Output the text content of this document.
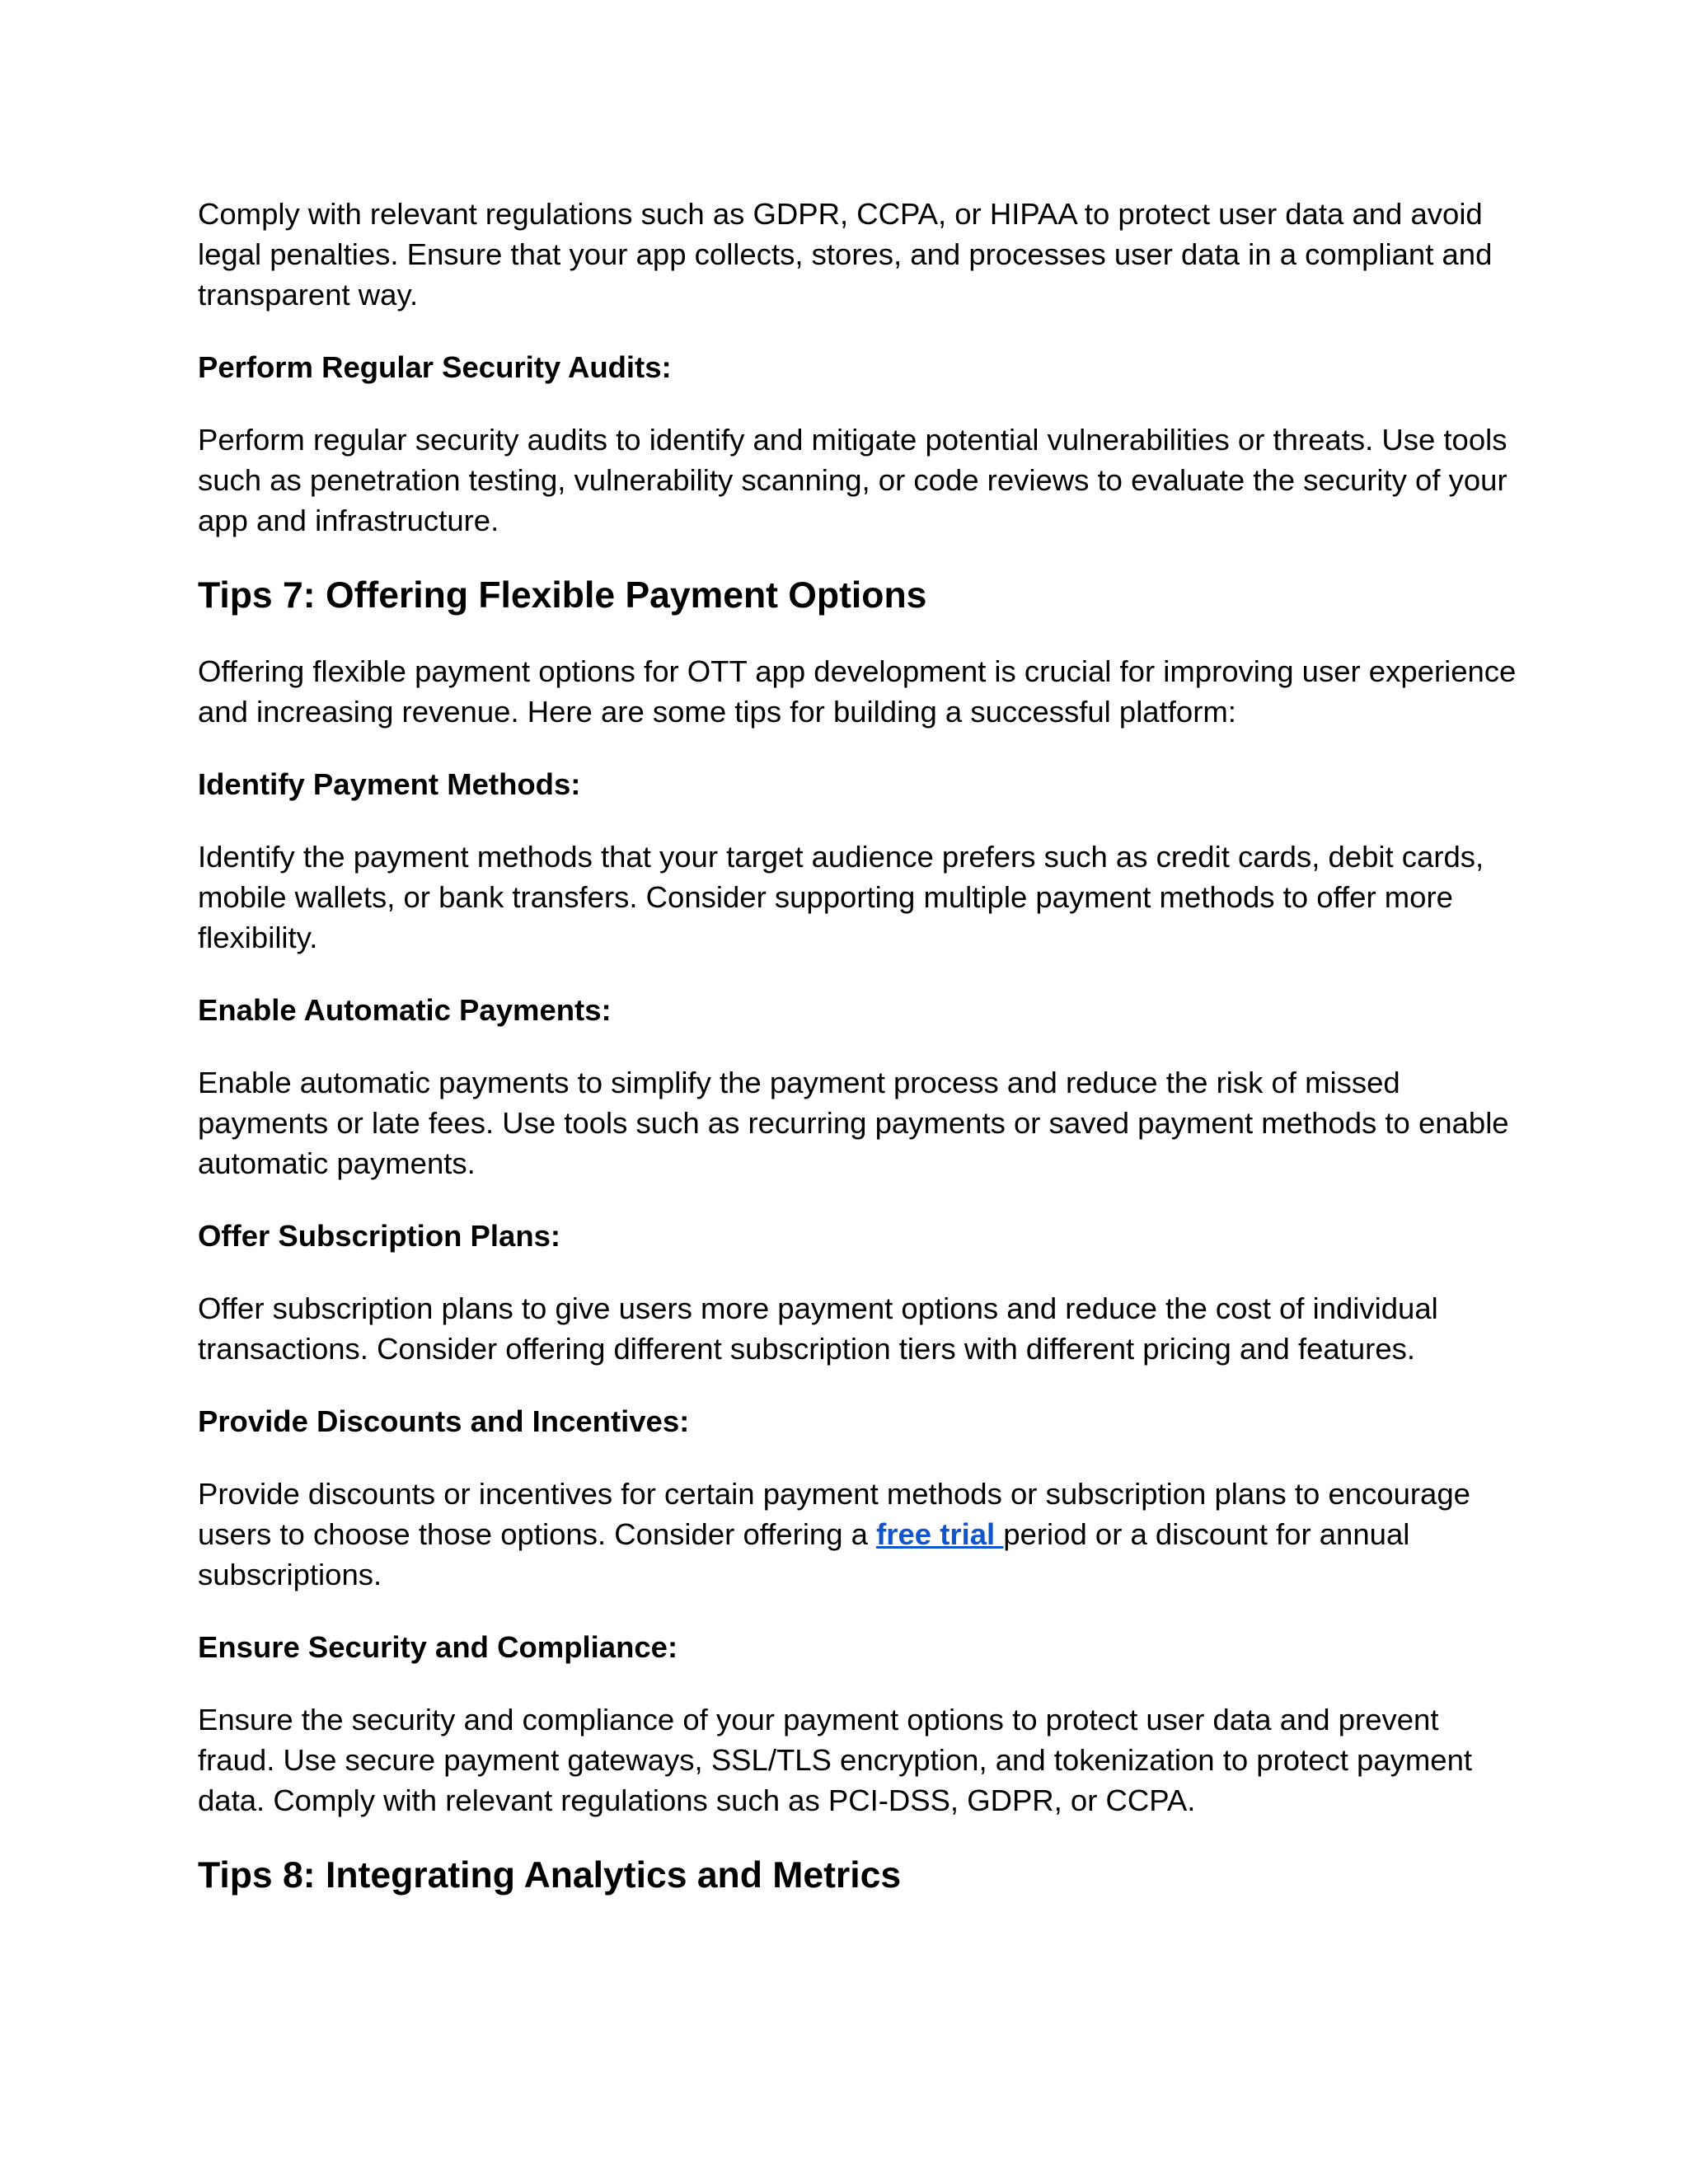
Comply with relevant regulations such as GDPR, CCPA, or HIPAA to protect user data and avoid legal penalties. Ensure that your app collects, stores, and processes user data in a compliant and transparent way.

Perform Regular Security Audits:

Perform regular security audits to identify and mitigate potential vulnerabilities or threats. Use tools such as penetration testing, vulnerability scanning, or code reviews to evaluate the security of your app and infrastructure.

Tips 7: Offering Flexible Payment Options

Offering flexible payment options for OTT app development is crucial for improving user experience and increasing revenue. Here are some tips for building a successful platform:

Identify Payment Methods:

Identify the payment methods that your target audience prefers such as credit cards, debit cards, mobile wallets, or bank transfers. Consider supporting multiple payment methods to offer more flexibility.

Enable Automatic Payments:

Enable automatic payments to simplify the payment process and reduce the risk of missed payments or late fees. Use tools such as recurring payments or saved payment methods to enable automatic payments.

Offer Subscription Plans:

Offer subscription plans to give users more payment options and reduce the cost of individual transactions. Consider offering different subscription tiers with different pricing and features.

Provide Discounts and Incentives:

Provide discounts or incentives for certain payment methods or subscription plans to encourage users to choose those options. Consider offering a free trial period or a discount for annual subscriptions.

Ensure Security and Compliance:

Ensure the security and compliance of your payment options to protect user data and prevent fraud. Use secure payment gateways, SSL/TLS encryption, and tokenization to protect payment data. Comply with relevant regulations such as PCI-DSS, GDPR, or CCPA.

Tips 8: Integrating Analytics and Metrics
